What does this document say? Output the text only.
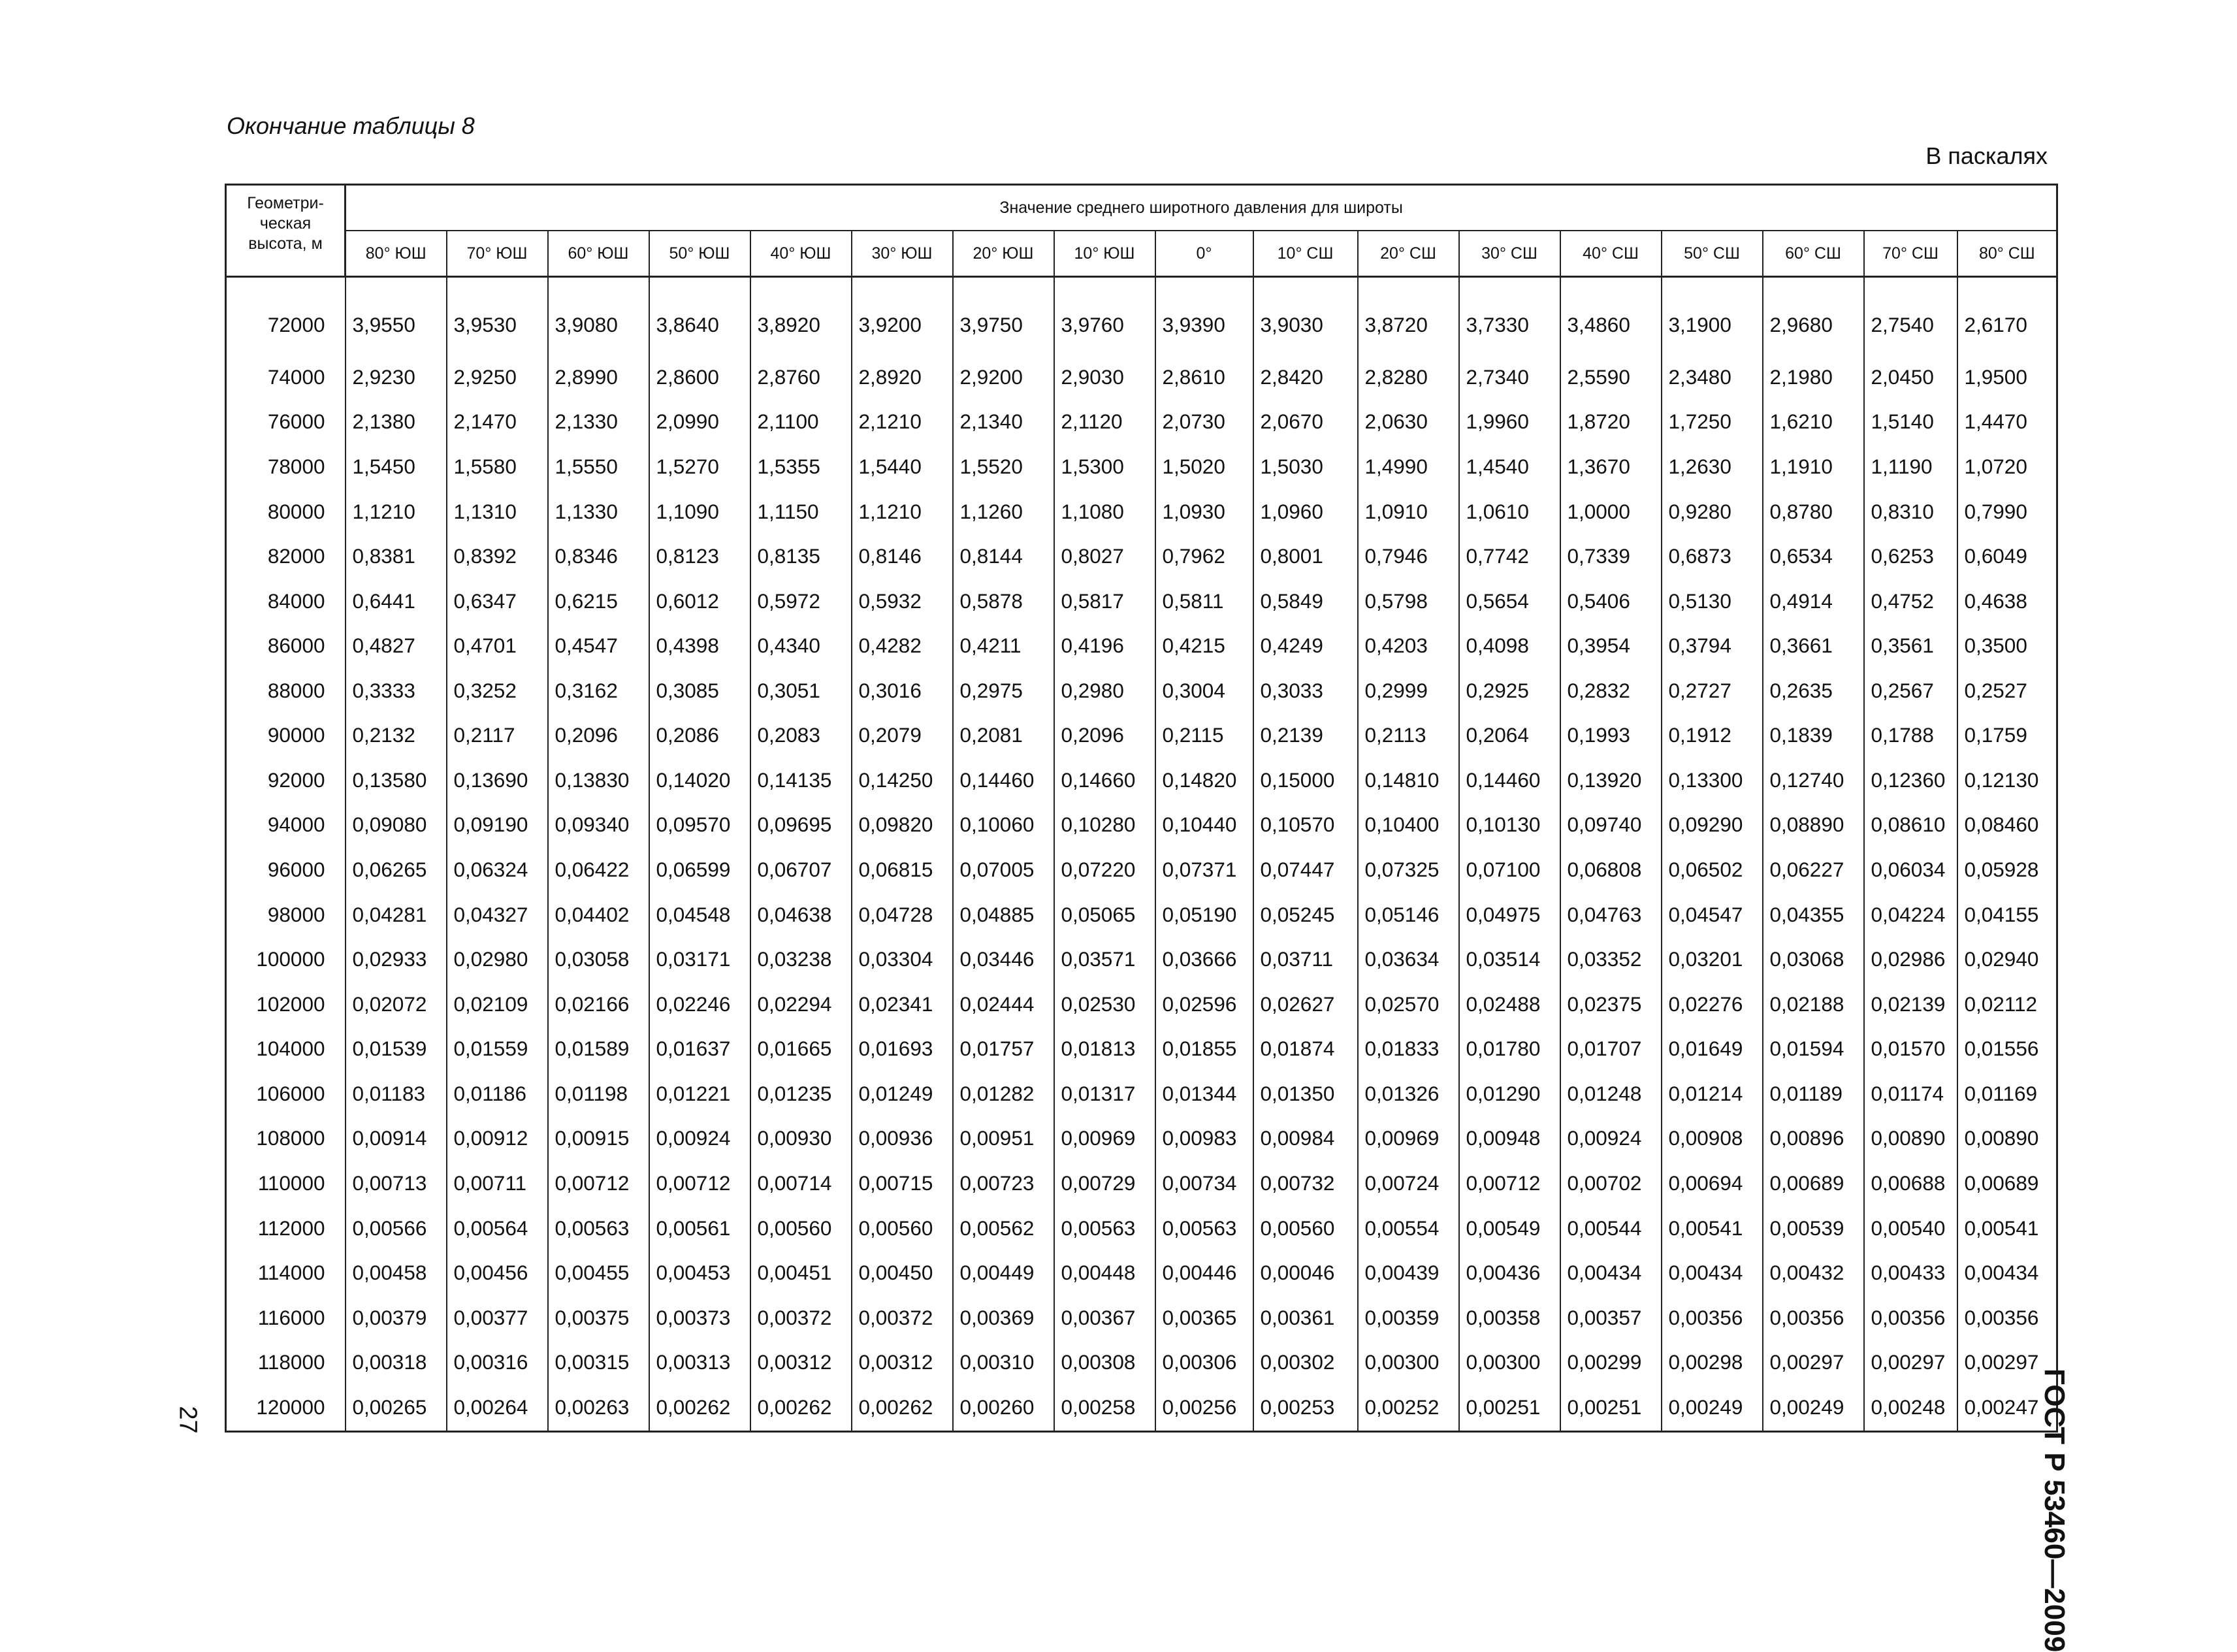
Окончание таблицы 8
В паскалях
Геометри-
ческая
высота, м	Значение среднего широтного давления для широты																
	80° ЮШ	70° ЮШ	60° ЮШ	50° ЮШ	40° ЮШ	30° ЮШ	20° ЮШ	10° ЮШ	0°	10° СШ	20° СШ	30° СШ	40° СШ	50° СШ	60° СШ	70° СШ	80° СШ
72000	3,9550	3,9530	3,9080	3,8640	3,8920	3,9200	3,9750	3,9760	3,9390	3,9030	3,8720	3,7330	3,4860	3,1900	2,9680	2,7540	2,6170
74000	2,9230	2,9250	2,8990	2,8600	2,8760	2,8920	2,9200	2,9030	2,8610	2,8420	2,8280	2,7340	2,5590	2,3480	2,1980	2,0450	1,9500
76000	2,1380	2,1470	2,1330	2,0990	2,1100	2,1210	2,1340	2,1120	2,0730	2,0670	2,0630	1,9960	1,8720	1,7250	1,6210	1,5140	1,4470
78000	1,5450	1,5580	1,5550	1,5270	1,5355	1,5440	1,5520	1,5300	1,5020	1,5030	1,4990	1,4540	1,3670	1,2630	1,1910	1,1190	1,0720
80000	1,1210	1,1310	1,1330	1,1090	1,1150	1,1210	1,1260	1,1080	1,0930	1,0960	1,0910	1,0610	1,0000	0,9280	0,8780	0,8310	0,7990
82000	0,8381	0,8392	0,8346	0,8123	0,8135	0,8146	0,8144	0,8027	0,7962	0,8001	0,7946	0,7742	0,7339	0,6873	0,6534	0,6253	0,6049
84000	0,6441	0,6347	0,6215	0,6012	0,5972	0,5932	0,5878	0,5817	0,5811	0,5849	0,5798	0,5654	0,5406	0,5130	0,4914	0,4752	0,4638
86000	0,4827	0,4701	0,4547	0,4398	0,4340	0,4282	0,4211	0,4196	0,4215	0,4249	0,4203	0,4098	0,3954	0,3794	0,3661	0,3561	0,3500
88000	0,3333	0,3252	0,3162	0,3085	0,3051	0,3016	0,2975	0,2980	0,3004	0,3033	0,2999	0,2925	0,2832	0,2727	0,2635	0,2567	0,2527
90000	0,2132	0,2117	0,2096	0,2086	0,2083	0,2079	0,2081	0,2096	0,2115	0,2139	0,2113	0,2064	0,1993	0,1912	0,1839	0,1788	0,1759
92000	0,13580	0,13690	0,13830	0,14020	0,14135	0,14250	0,14460	0,14660	0,14820	0,15000	0,14810	0,14460	0,13920	0,13300	0,12740	0,12360	0,12130
94000	0,09080	0,09190	0,09340	0,09570	0,09695	0,09820	0,10060	0,10280	0,10440	0,10570	0,10400	0,10130	0,09740	0,09290	0,08890	0,08610	0,08460
96000	0,06265	0,06324	0,06422	0,06599	0,06707	0,06815	0,07005	0,07220	0,07371	0,07447	0,07325	0,07100	0,06808	0,06502	0,06227	0,06034	0,05928
98000	0,04281	0,04327	0,04402	0,04548	0,04638	0,04728	0,04885	0,05065	0,05190	0,05245	0,05146	0,04975	0,04763	0,04547	0,04355	0,04224	0,04155
100000	0,02933	0,02980	0,03058	0,03171	0,03238	0,03304	0,03446	0,03571	0,03666	0,03711	0,03634	0,03514	0,03352	0,03201	0,03068	0,02986	0,02940
102000	0,02072	0,02109	0,02166	0,02246	0,02294	0,02341	0,02444	0,02530	0,02596	0,02627	0,02570	0,02488	0,02375	0,02276	0,02188	0,02139	0,02112
104000	0,01539	0,01559	0,01589	0,01637	0,01665	0,01693	0,01757	0,01813	0,01855	0,01874	0,01833	0,01780	0,01707	0,01649	0,01594	0,01570	0,01556
106000	0,01183	0,01186	0,01198	0,01221	0,01235	0,01249	0,01282	0,01317	0,01344	0,01350	0,01326	0,01290	0,01248	0,01214	0,01189	0,01174	0,01169
108000	0,00914	0,00912	0,00915	0,00924	0,00930	0,00936	0,00951	0,00969	0,00983	0,00984	0,00969	0,00948	0,00924	0,00908	0,00896	0,00890	0,00890
110000	0,00713	0,00711	0,00712	0,00712	0,00714	0,00715	0,00723	0,00729	0,00734	0,00732	0,00724	0,00712	0,00702	0,00694	0,00689	0,00688	0,00689
112000	0,00566	0,00564	0,00563	0,00561	0,00560	0,00560	0,00562	0,00563	0,00563	0,00560	0,00554	0,00549	0,00544	0,00541	0,00539	0,00540	0,00541
114000	0,00458	0,00456	0,00455	0,00453	0,00451	0,00450	0,00449	0,00448	0,00446	0,00046	0,00439	0,00436	0,00434	0,00434	0,00432	0,00433	0,00434
116000	0,00379	0,00377	0,00375	0,00373	0,00372	0,00372	0,00369	0,00367	0,00365	0,00361	0,00359	0,00358	0,00357	0,00356	0,00356	0,00356	0,00356
118000	0,00318	0,00316	0,00315	0,00313	0,00312	0,00312	0,00310	0,00308	0,00306	0,00302	0,00300	0,00300	0,00299	0,00298	0,00297	0,00297	0,00297
120000	0,00265	0,00264	0,00263	0,00262	0,00262	0,00262	0,00260	0,00258	0,00256	0,00253	0,00252	0,00251	0,00251	0,00249	0,00249	0,00248	0,00247
27	ГОСТ Р 53460—2009
